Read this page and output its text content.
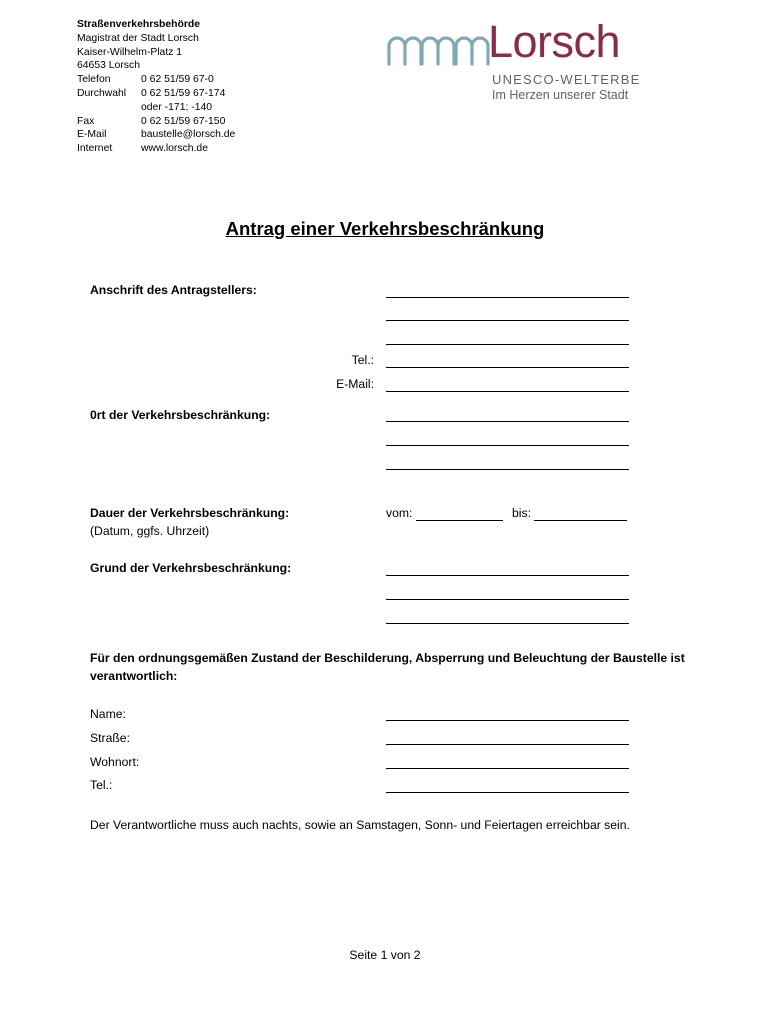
Straßenverkehrsbehörde
Magistrat der Stadt Lorsch
Kaiser-Wilhelm-Platz 1
64653 Lorsch
Telefon	0 62 51/59 67-0
Durchwahl	0 62 51/59 67-174
oder -171; -140
Fax	0 62 51/59 67-150
E-Mail	baustelle@lorsch.de
Internet	www.lorsch.de
Lorsch
UNESCO-WELTERBE
Im Herzen unserer Stadt
Antrag einer Verkehrsbeschränkung
Anschrift des Antragstellers:
Tel.:
E-Mail:
0rt der Verkehrsbeschränkung:
Dauer der Verkehrsbeschränkung:
(Datum, ggfs. Uhrzeit)
vom:	bis:
Grund der Verkehrsbeschränkung:
Für den ordnungsgemäßen Zustand der Beschilderung, Absperrung und Beleuchtung der Baustelle ist verantwortlich:
Name:
Straße:
Wohnort:
Tel.:
Der Verantwortliche muss auch nachts, sowie an Samstagen, Sonn- und Feiertagen erreichbar sein.
Seite 1 von 2
